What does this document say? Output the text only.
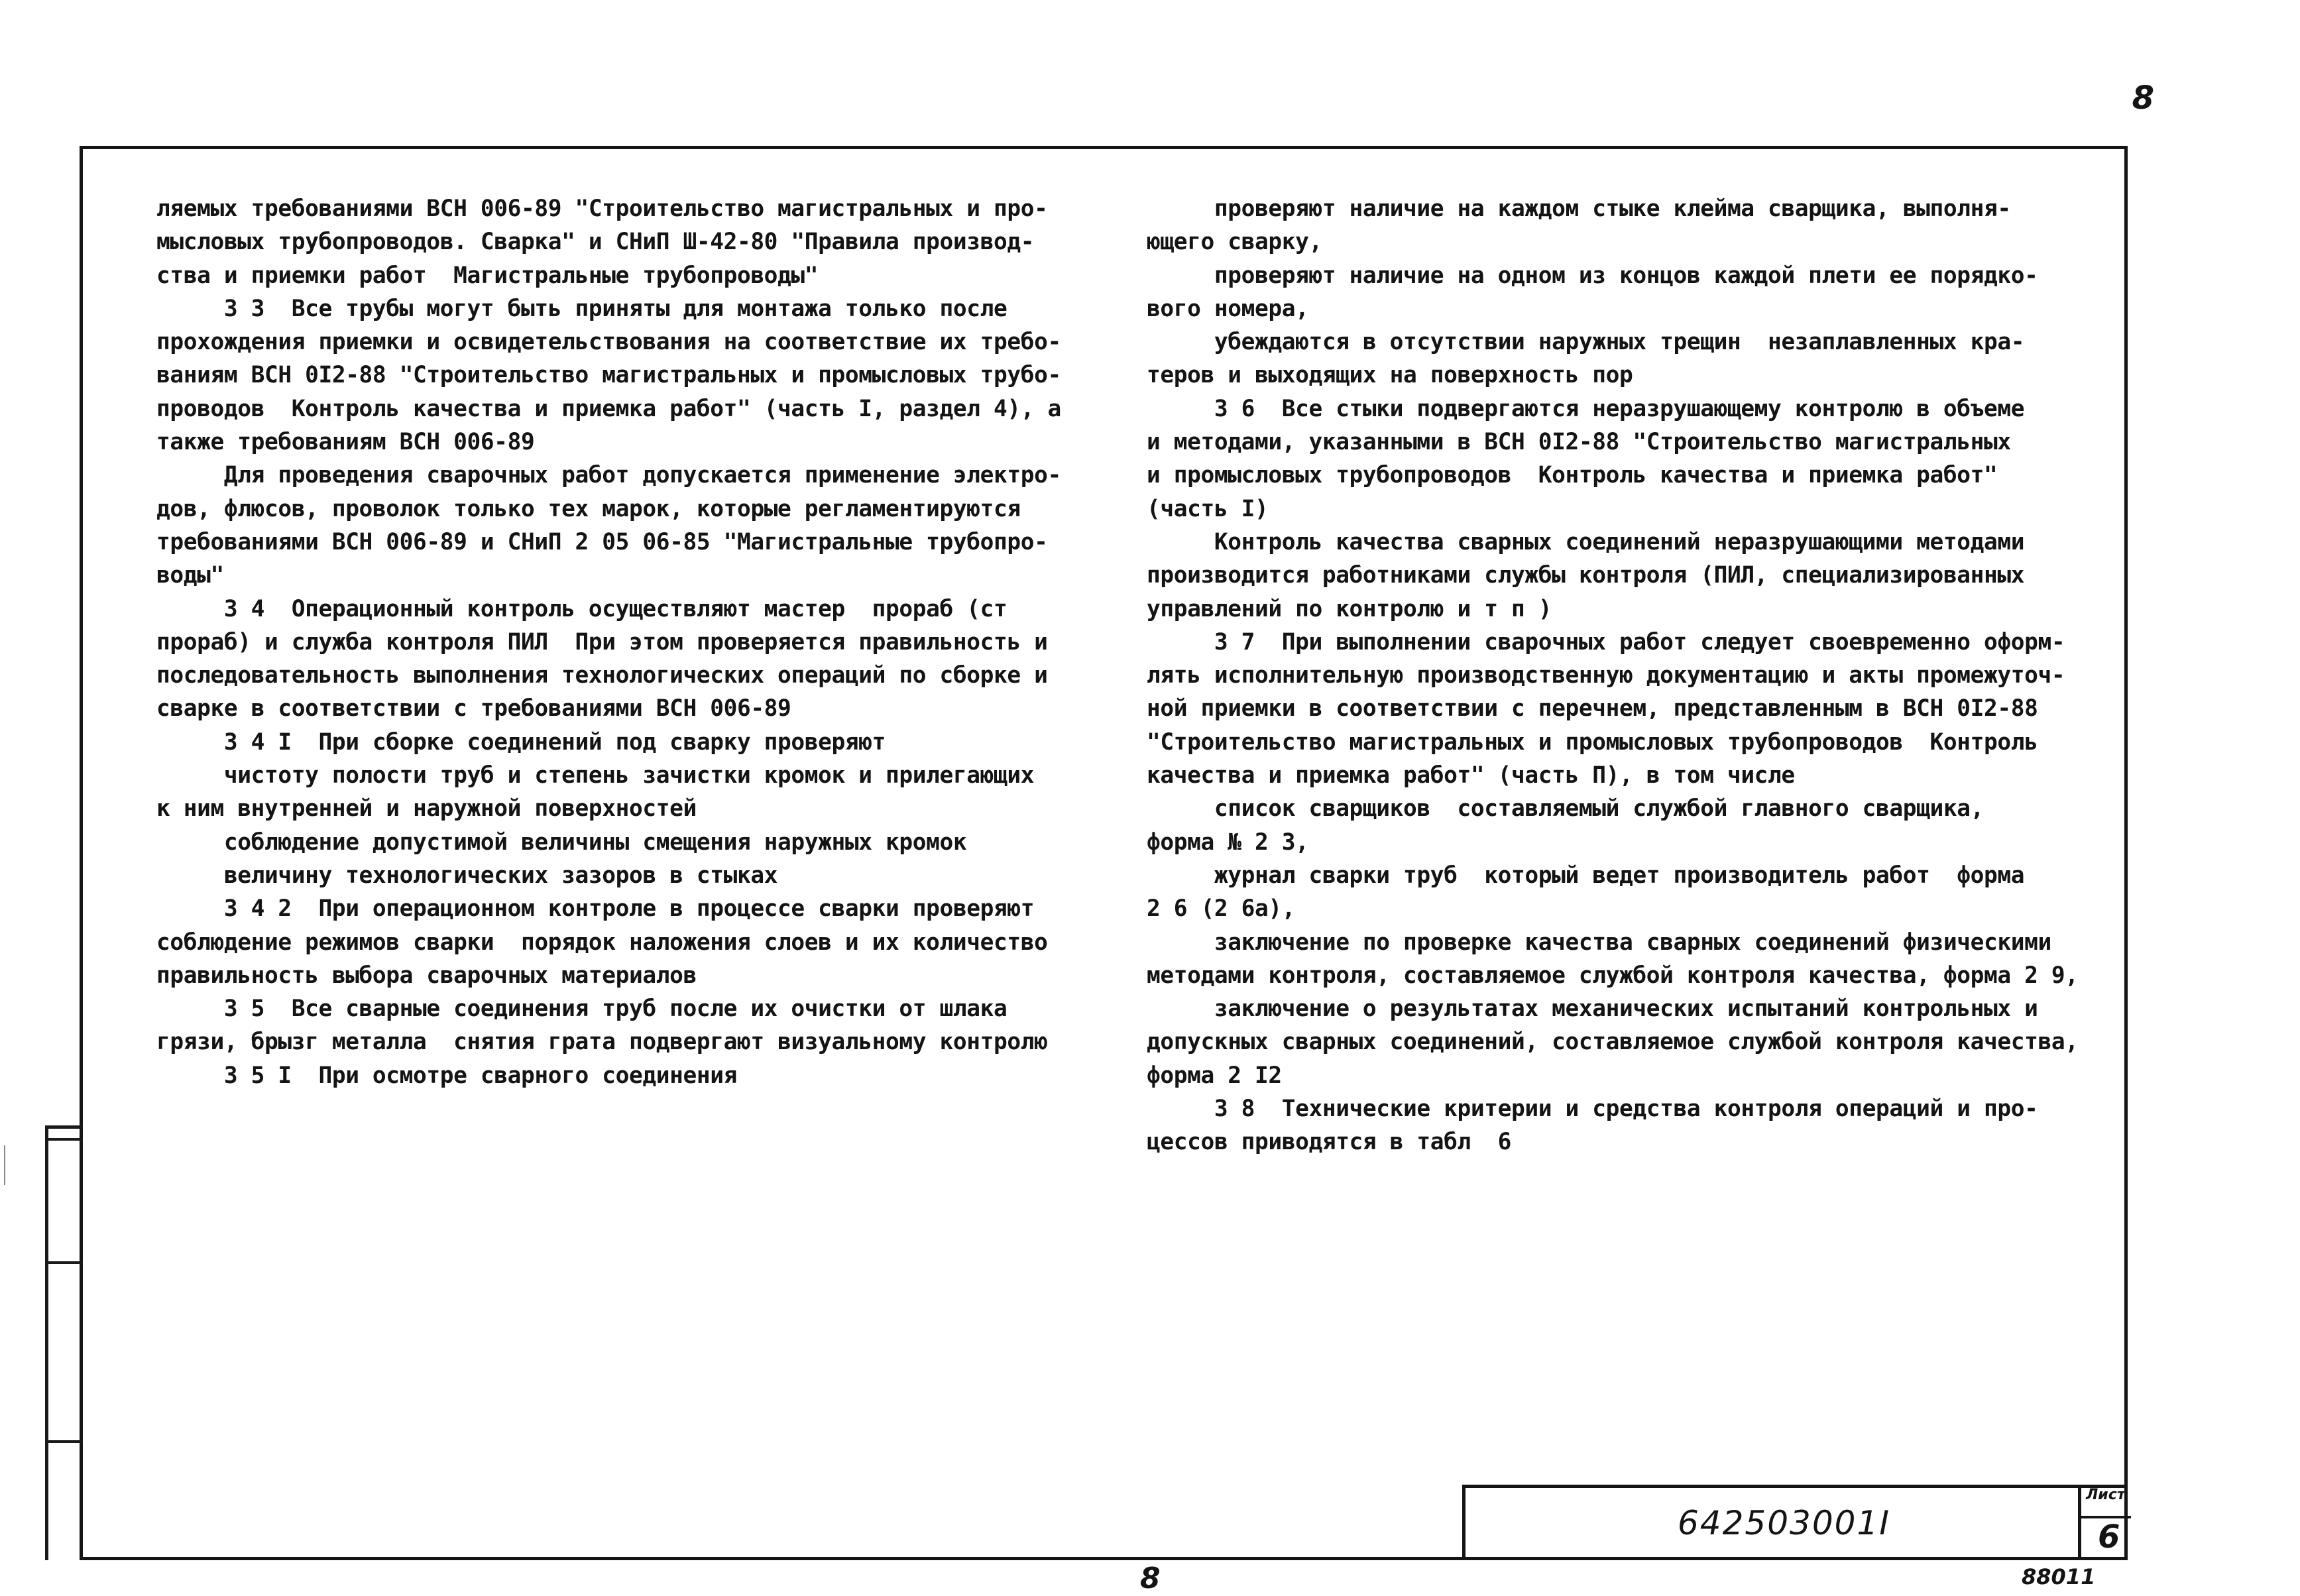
8
ляемых требованиями ВСН 006-89 "Строительство магистральных и про-
мысловых трубопроводов. Сварка" и СНиП Ш-42-80 "Правила производ-
ства и приемки работ  Магистральные трубопроводы"
3 3  Все трубы могут быть приняты для монтажа только после
прохождения приемки и освидетельствования на соответствие их требо-
ваниям ВСН 0I2-88 "Строительство магистральных и промысловых трубо-
проводов  Контроль качества и приемка работ" (часть I, раздел 4), а
также требованиям ВСН 006-89
Для проведения сварочных работ допускается применение электро-
дов, флюсов, проволок только тех марок, которые регламентируются
требованиями ВСН 006-89 и СНиП 2 05 06-85 "Магистральные трубопро-
воды"
3 4  Операционный контроль осуществляют мастер  прораб (ст
прораб) и служба контроля ПИЛ  При этом проверяется правильность и
последовательность выполнения технологических операций по сборке и
сварке в соответствии с требованиями ВСН 006-89
3 4 I  При сборке соединений под сварку проверяют
чистоту полости труб и степень зачистки кромок и прилегающих
к ним внутренней и наружной поверхностей
соблюдение допустимой величины смещения наружных кромок
величину технологических зазоров в стыках
3 4 2  При операционном контроле в процессе сварки проверяют
соблюдение режимов сварки  порядок наложения слоев и их количество
правильность выбора сварочных материалов
3 5  Все сварные соединения труб после их очистки от шлака
грязи, брызг металла  снятия грата подвергают визуальному контролю
3 5 I  При осмотре сварного соединения
проверяют наличие на каждом стыке клейма сварщика, выполня-
ющего сварку,
проверяют наличие на одном из концов каждой плети ее порядко-
вого номера,
убеждаются в отсутствии наружных трещин  незаплавленных кра-
теров и выходящих на поверхность пор
3 6  Все стыки подвергаются неразрушающему контролю в объеме
и методами, указанными в ВСН 0I2-88 "Строительство магистральных
и промысловых трубопроводов  Контроль качества и приемка работ"
(часть I)
Контроль качества сварных соединений неразрушающими методами
производится работниками службы контроля (ПИЛ, специализированных
управлений по контролю и т п )
3 7  При выполнении сварочных работ следует своевременно оформ-
лять исполнительную производственную документацию и акты промежуточ-
ной приемки в соответствии с перечнем, представленным в ВСН 0I2-88
"Строительство магистральных и промысловых трубопроводов  Контроль
качества и приемка работ" (часть П), в том числе
список сварщиков  составляемый службой главного сварщика,
форма № 2 3,
журнал сварки труб  который ведет производитель работ  форма
2 6 (2 6а),
заключение по проверке качества сварных соединений физическими
методами контроля, составляемое службой контроля качества, форма 2 9,
заключение о результатах механических испытаний контрольных и
допускных сварных соединений, составляемое службой контроля качества,
форма 2 I2
3 8  Технические критерии и средства контроля операций и про-
цессов приводятся в табл  6
642503001I
Лист
6
8	88011
